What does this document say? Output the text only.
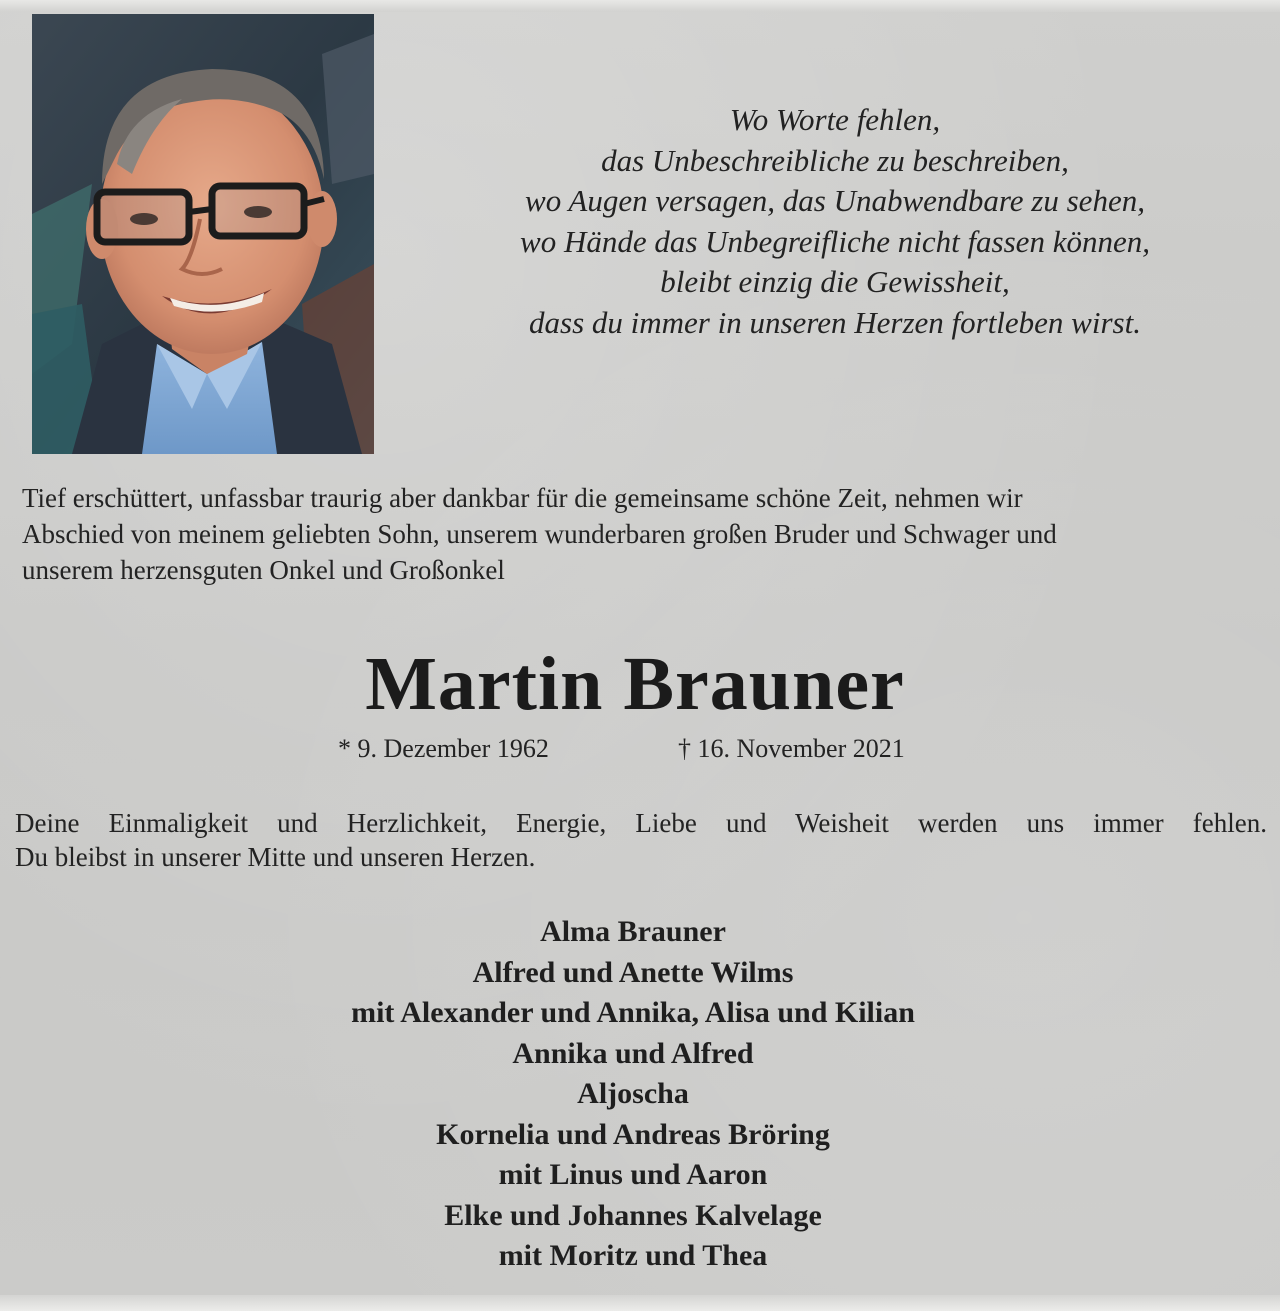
Wo Worte fehlen,
das Unbeschreibliche zu beschreiben,
wo Augen versagen, das Unabwendbare zu sehen,
wo Hände das Unbegreifliche nicht fassen können,
bleibt einzig die Gewissheit,
dass du immer in unseren Herzen fortleben wirst.
Tief erschüttert, unfassbar traurig aber dankbar für die gemeinsame schöne Zeit, nehmen wir
Abschied von meinem geliebten Sohn, unserem wunderbaren großen Bruder und Schwager und
unserem herzensguten Onkel und Großonkel
Martin Brauner
* 9. Dezember 1962	† 16. November 2021
Deine Einmaligkeit und Herzlichkeit, Energie, Liebe und Weisheit werden uns immer fehlen.
Du bleibst in unserer Mitte und unseren Herzen.
Alma Brauner
Alfred und Anette Wilms
mit Alexander und Annika, Alisa und Kilian
Annika und Alfred
Aljoscha
Kornelia und Andreas Bröring
mit Linus und Aaron
Elke und Johannes Kalvelage
mit Moritz und Thea
